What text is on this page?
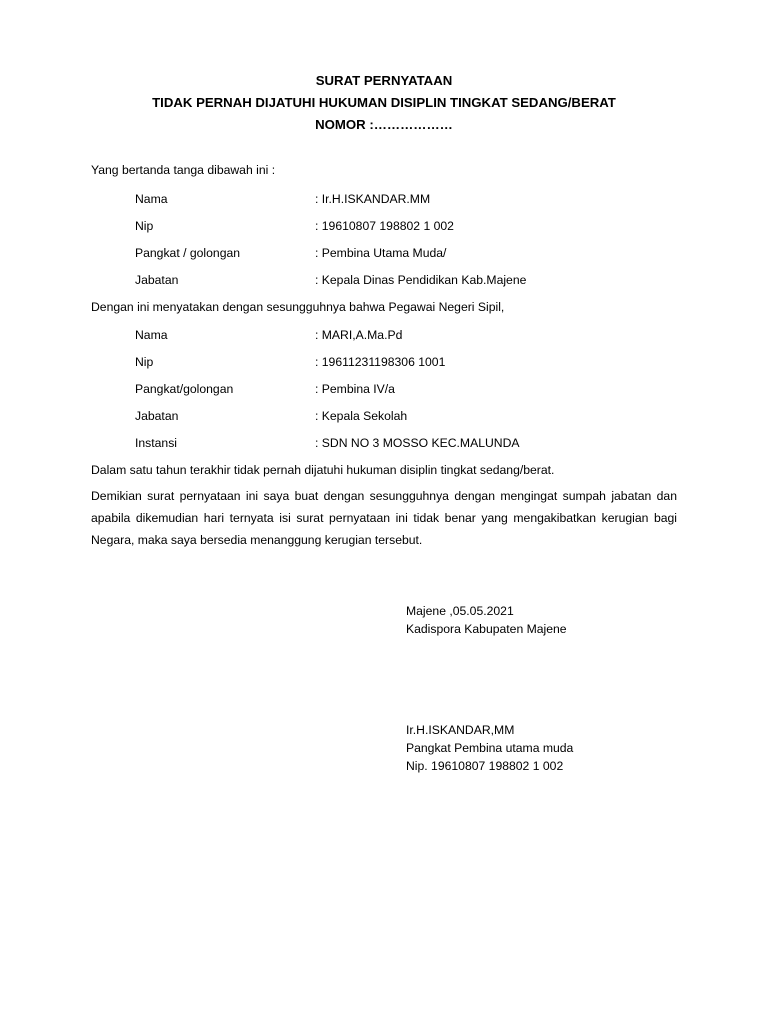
SURAT PERNYATAAN
TIDAK PERNAH DIJATUHI HUKUMAN DISIPLIN TINGKAT SEDANG/BERAT
NOMOR :………………
Yang bertanda tanga dibawah ini :
Nama	: Ir.H.ISKANDAR.MM
Nip	: 19610807 198802 1 002
Pangkat / golongan	: Pembina Utama Muda/
Jabatan	: Kepala Dinas Pendidikan Kab.Majene
Dengan ini menyatakan dengan sesungguhnya bahwa Pegawai Negeri Sipil,
Nama	: MARI,A.Ma.Pd
Nip	: 19611231198306 1001
Pangkat/golongan	: Pembina IV/a
Jabatan	: Kepala Sekolah
Instansi	: SDN NO 3 MOSSO KEC.MALUNDA
Dalam satu tahun terakhir tidak pernah dijatuhi hukuman disiplin tingkat sedang/berat.
Demikian surat pernyataan ini saya buat dengan sesungguhnya dengan mengingat sumpah jabatan dan apabila dikemudian hari ternyata isi surat pernyataan ini tidak benar yang mengakibatkan kerugian bagi Negara, maka saya bersedia menanggung kerugian tersebut.
Majene ,05.05.2021
Kadispora Kabupaten Majene
Ir.H.ISKANDAR,MM
Pangkat Pembina utama muda
Nip. 19610807 198802 1 002
